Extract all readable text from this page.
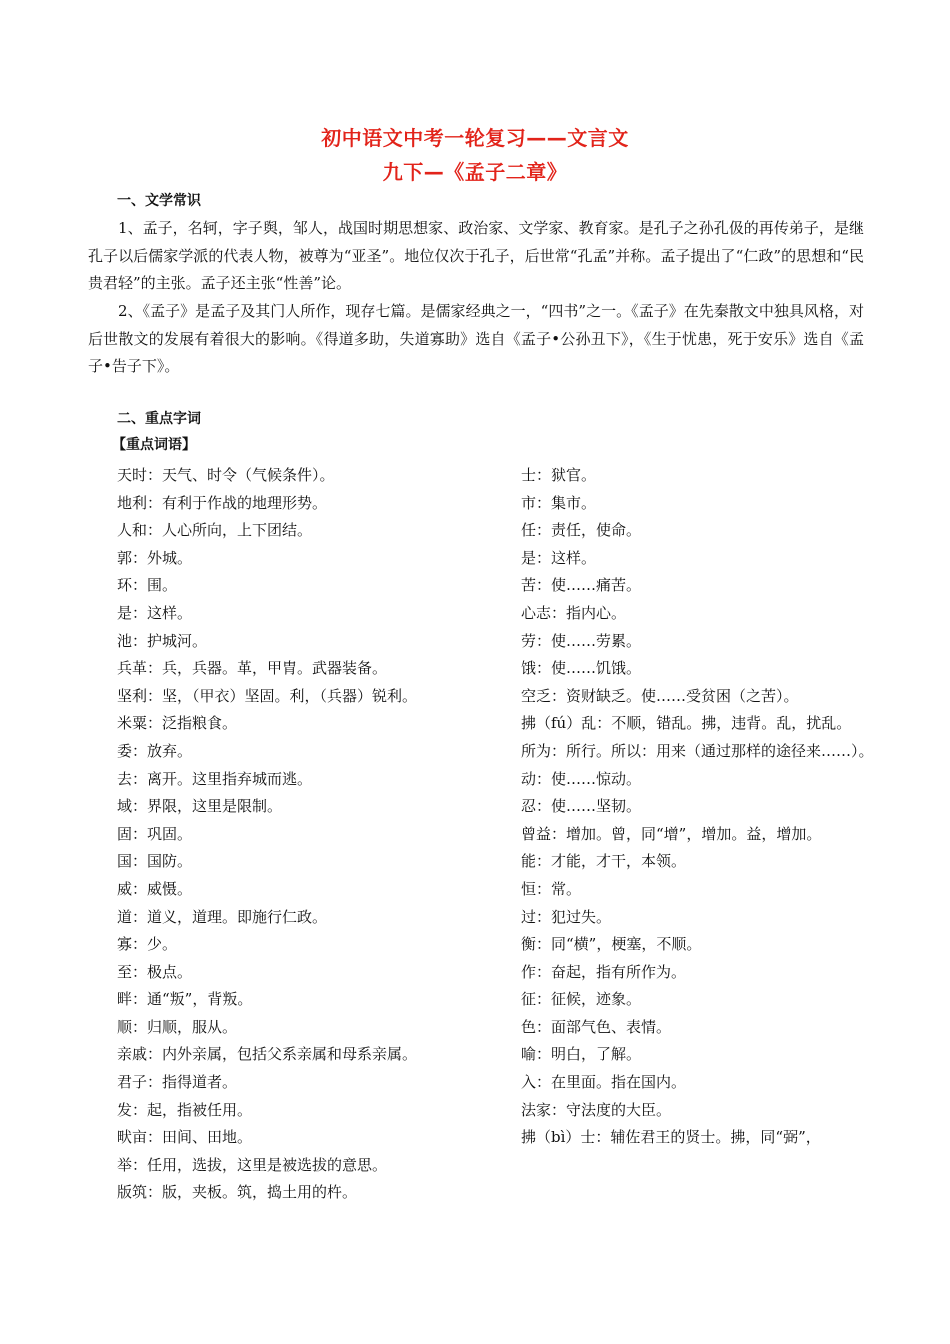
初中语文中考一轮复习——文言文
九下—《孟子二章》
一、文学常识
1、孟子，名轲，字子舆，邹人，战国时期思想家、政治家、文学家、教育家。是孔子之孙孔伋的再传弟子，是继孔子以后儒家学派的代表人物，被尊为“亚圣”。地位仅次于孔子，后世常“孔孟”并称。孟子提出了“仁政”的思想和“民贵君轻”的主张。孟子还主张“性善”论。
2、《孟子》是孟子及其门人所作，现存七篇。是儒家经典之一，“四书”之一。《孟子》在先秦散文中独具风格，对后世散文的发展有着很大的影响。《得道多助，失道寡助》选自《孟子•公孙丑下》，《生于忧患，死于安乐》选自《孟子•告子下》。
二、重点字词
【重点词语】

天时：天气、时令（气候条件）。

地利：有利于作战的地理形势。

人和：人心所向，上下团结。

郭：外城。

环：围。

是：这样。

池：护城河。

兵革：兵，兵器。革，甲胄。武器装备。

坚利：坚，（甲衣）坚固。利，（兵器）锐利。

米粟：泛指粮食。

委：放弃。

去：离开。这里指弃城而逃。

域：界限，这里是限制。

固：巩固。

国：国防。

威：威慑。

道：道义，道理。即施行仁政。

寡：少。

至：极点。

畔：通“叛”，背叛。

顺：归顺，服从。

亲戚：内外亲属，包括父系亲属和母系亲属。

君子：指得道者。

发：起，指被任用。

畎亩：田间、田地。

举：任用，选拔，这里是被选拔的意思。

版筑：版，夹板。筑，捣土用的杵。

士：狱官。

市：集市。

任：责任，使命。

是：这样。

苦：使……痛苦。

心志：指内心。

劳：使……劳累。

饿：使……饥饿。

空乏：资财缺乏。使……受贫困（之苦）。

拂（fú）乱：不顺，错乱。拂，违背。乱，扰乱。

所为：所行。所以：用来（通过那样的途径来……）。

动：使……惊动。

忍：使……坚韧。

曾益：增加。曾，同“增”，增加。益，增加。

能：才能，才干，本领。

恒：常。

过：犯过失。

衡：同“横”，梗塞，不顺。

作：奋起，指有所作为。

征：征候，迹象。

色：面部气色、表情。

喻：明白，了解。

入：在里面。指在国内。

法家：守法度的大臣。

拂（bì）士：辅佐君王的贤士。拂，同“弼”，
